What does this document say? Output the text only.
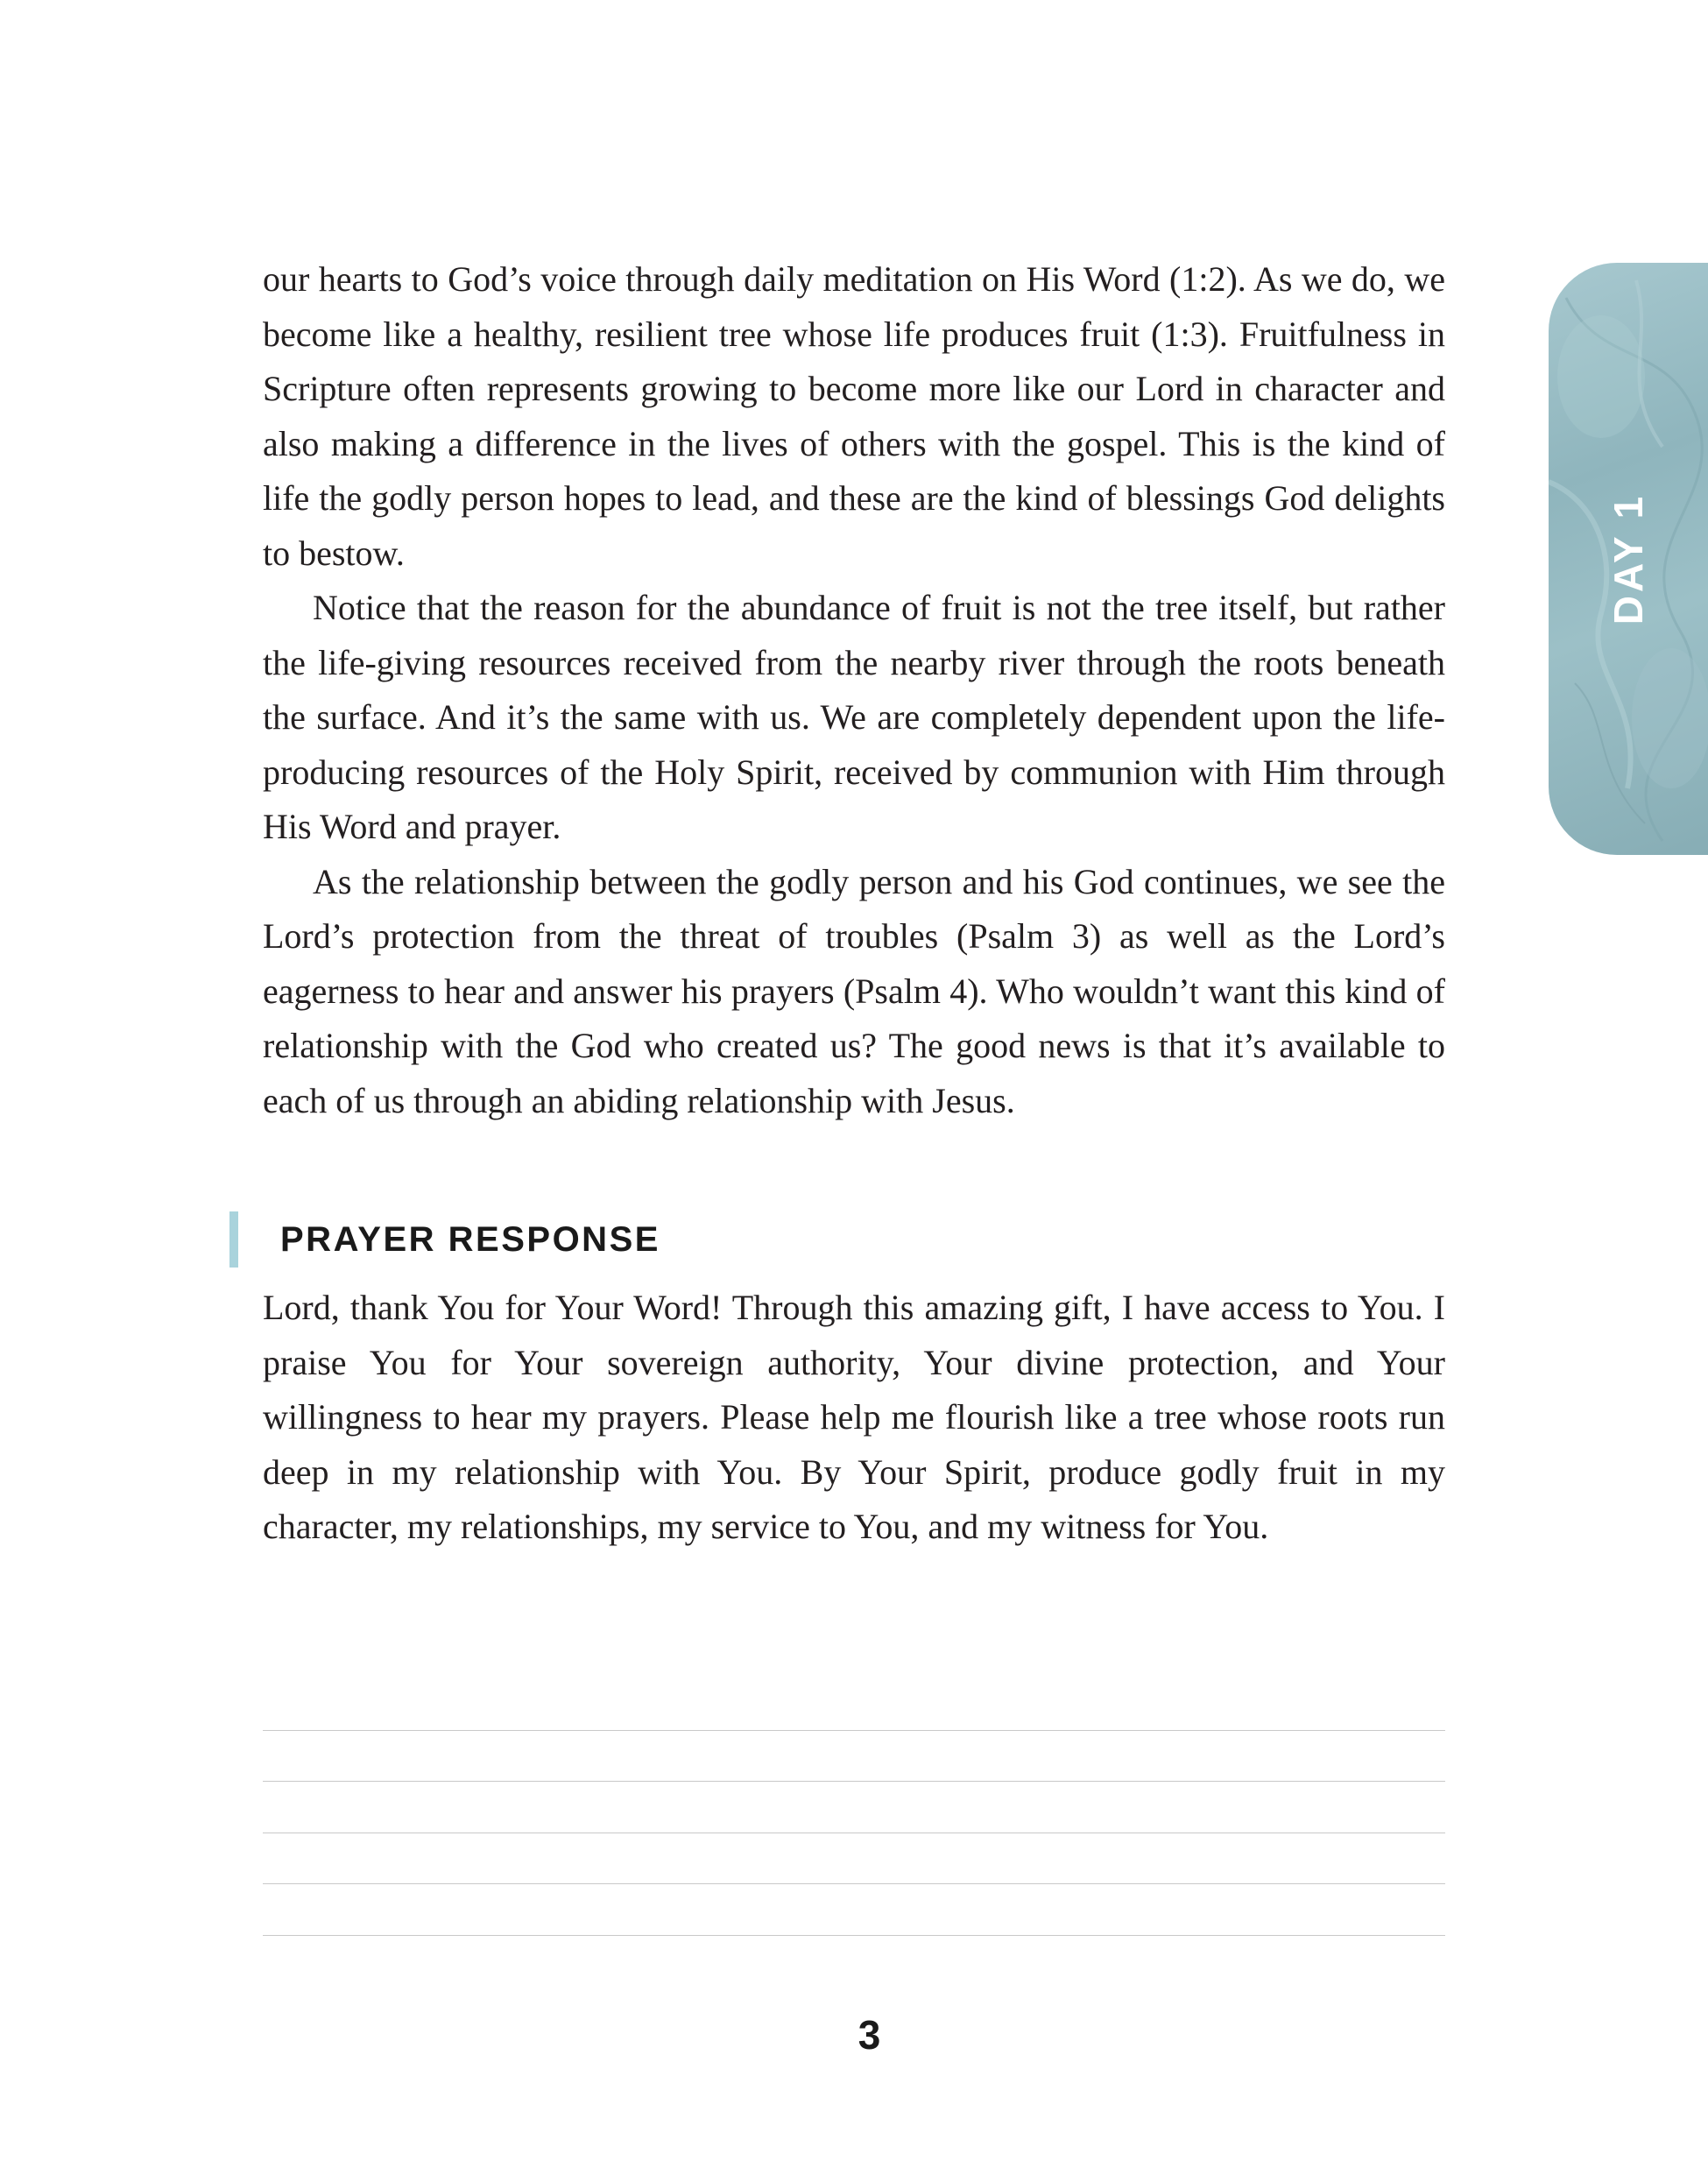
our hearts to God’s voice through daily meditation on His Word (1:2). As we do, we become like a healthy, resilient tree whose life produces fruit (1:3). Fruitfulness in Scripture often represents growing to become more like our Lord in character and also making a difference in the lives of others with the gospel. This is the kind of life the godly person hopes to lead, and these are the kind of blessings God delights to bestow.

Notice that the reason for the abundance of fruit is not the tree itself, but rather the life-giving resources received from the nearby river through the roots beneath the surface. And it’s the same with us. We are completely dependent upon the life-producing resources of the Holy Spirit, received by communion with Him through His Word and prayer.

As the relationship between the godly person and his God continues, we see the Lord’s protection from the threat of troubles (Psalm 3) as well as the Lord’s eagerness to hear and answer his prayers (Psalm 4). Who wouldn’t want this kind of relationship with the God who created us? The good news is that it’s available to each of us through an abiding relationship with Jesus.

PRAYER RESPONSE

Lord, thank You for Your Word! Through this amazing gift, I have access to You. I praise You for Your sovereign authority, Your divine protection, and Your willingness to hear my prayers. Please help me flourish like a tree whose roots run deep in my relationship with You. By Your Spirit, produce godly fruit in my character, my relationships, my service to You, and my witness for You.

DAY 1
3
